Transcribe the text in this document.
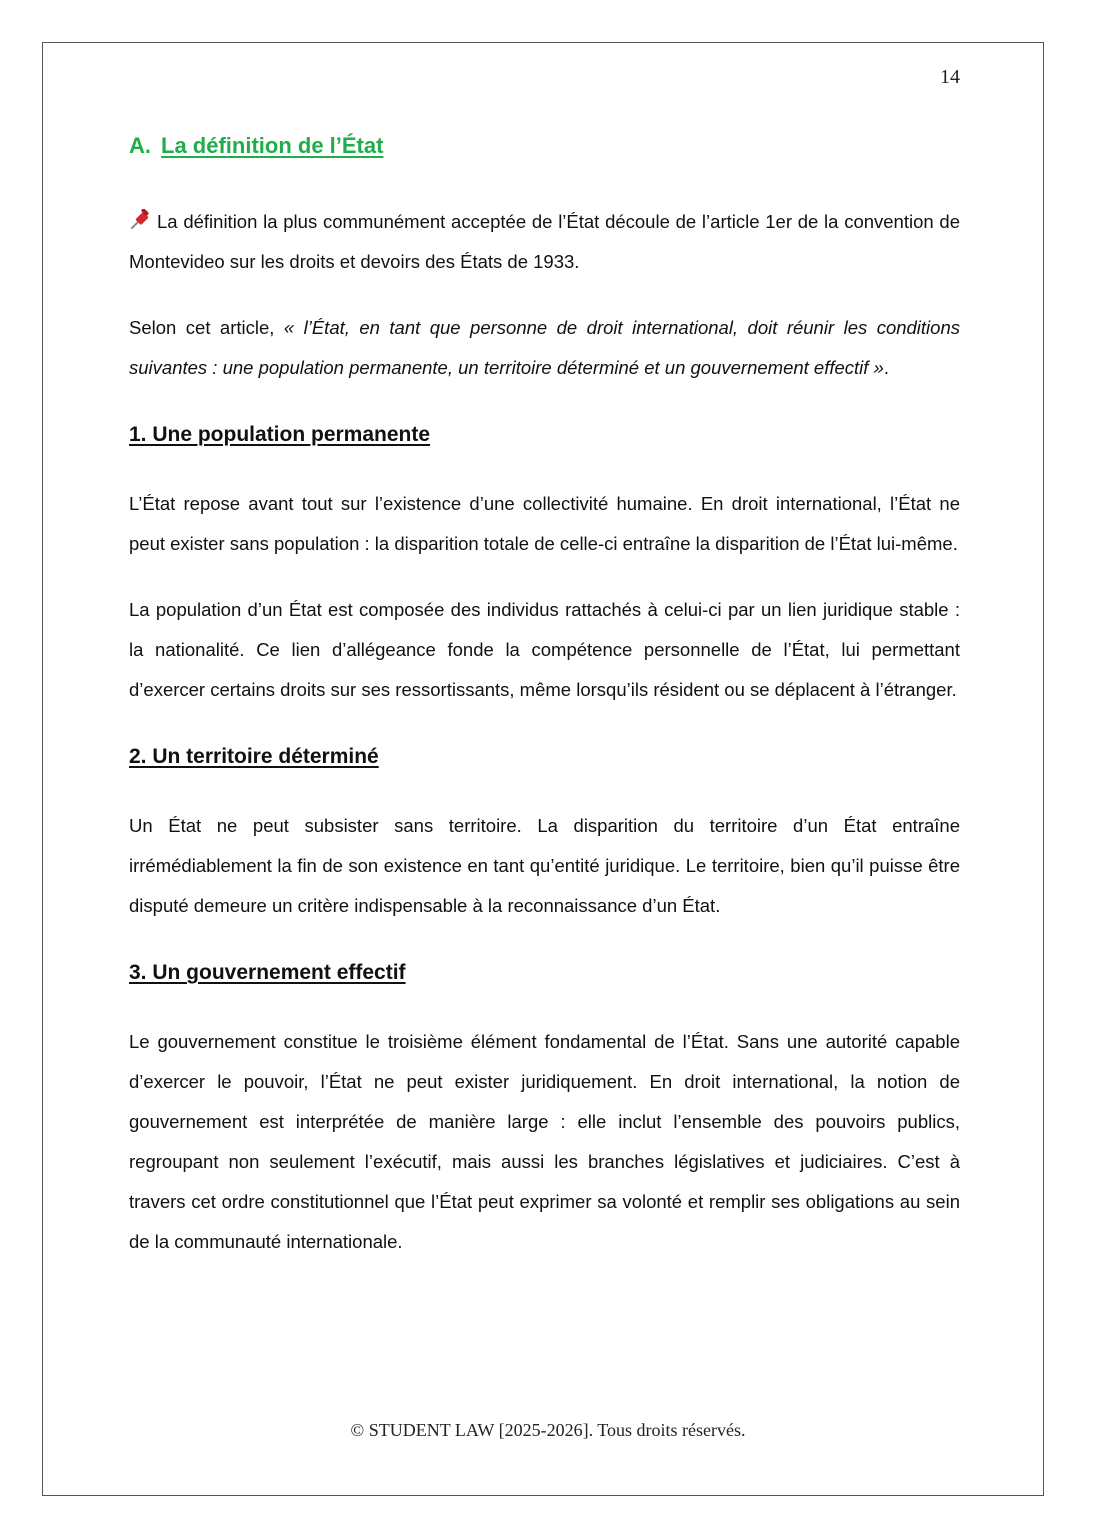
14
A. La définition de l’État

La définition la plus communément acceptée de l’État découle de l’article 1er de la convention de Montevideo sur les droits et devoirs des États de 1933.

Selon cet article, « l’État, en tant que personne de droit international, doit réunir les conditions suivantes : une population permanente, un territoire déterminé et un gouvernement effectif ».

1. Une population permanente

L’État repose avant tout sur l’existence d’une collectivité humaine. En droit international, l’État ne peut exister sans population : la disparition totale de celle-ci entraîne la disparition de l’État lui-même.

La population d’un État est composée des individus rattachés à celui-ci par un lien juridique stable : la nationalité. Ce lien d’allégeance fonde la compétence personnelle de l’État, lui permettant d’exercer certains droits sur ses ressortissants, même lorsqu’ils résident ou se déplacent à l’étranger.

2. Un territoire déterminé

Un État ne peut subsister sans territoire. La disparition du territoire d’un État entraîne irrémédiablement la fin de son existence en tant qu’entité juridique. Le territoire, bien qu’il puisse être disputé demeure un critère indispensable à la reconnaissance d’un État.

3. Un gouvernement effectif

Le gouvernement constitue le troisième élément fondamental de l’État. Sans une autorité capable d’exercer le pouvoir, l’État ne peut exister juridiquement. En droit international, la notion de gouvernement est interprétée de manière large : elle inclut l’ensemble des pouvoirs publics, regroupant non seulement l’exécutif, mais aussi les branches législatives et judiciaires. C’est à travers cet ordre constitutionnel que l’État peut exprimer sa volonté et remplir ses obligations au sein de la communauté internationale.

© STUDENT LAW [2025-2026]. Tous droits réservés.
